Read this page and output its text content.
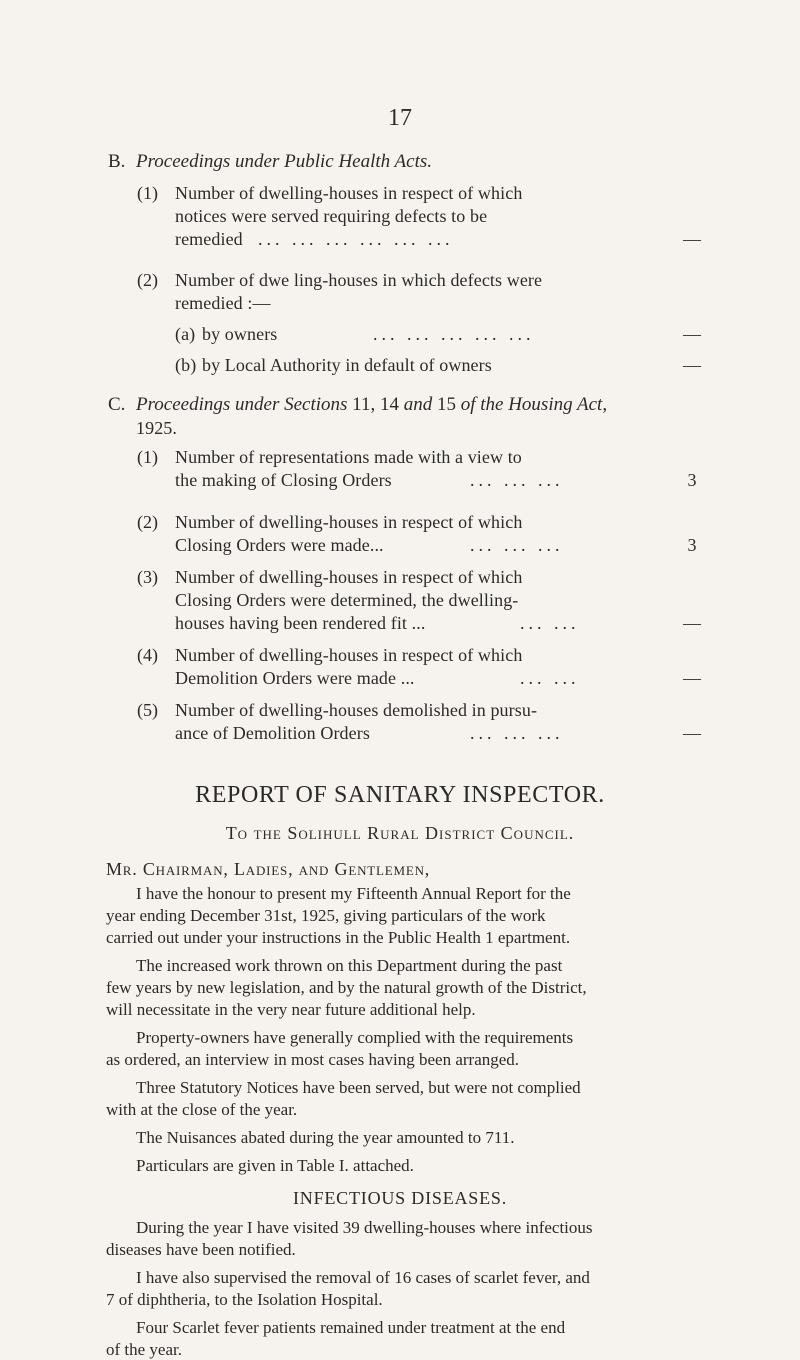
17
B. Proceedings under Public Health Acts.
(1) Number of dwelling-houses in respect of which
notices were served requiring defects to be
remedied ... ... ... ... ... ...	—
(2) Number of dwe ling-houses in which defects were
remedied :—
(a) by owners	... ... ... ... ...	—
(b) by Local Authority in default of owners	—
C. Proceedings under Sections 11, 14 and 15 of the Housing Act,
1925.
(1) Number of representations made with a view to
the making of Closing Orders	... ... ...	3
(2) Number of dwelling-houses in respect of which
Closing Orders were made...	... ... ...	3
(3) Number of dwelling-houses in respect of which
Closing Orders were determined, the dwelling-
houses having been rendered fit ...	... ...	—
(4) Number of dwelling-houses in respect of which
Demolition Orders were made ...	... ...	—
(5) Number of dwelling-houses demolished in pursu-
ance of Demolition Orders	... ... ...	—
REPORT OF SANITARY INSPECTOR.
To the Solihull Rural District Council.
Mr. Chairman, Ladies, and Gentlemen,
I have the honour to present my Fifteenth Annual Report for the
year ending December 31st, 1925, giving particulars of the work
carried out under your instructions in the Public Health 1 epartment.
The increased work thrown on this Department during the past
few years by new legislation, and by the natural growth of the District,
will necessitate in the very near future additional help.
Property-owners have generally complied with the requirements
as ordered, an interview in most cases having been arranged.
Three Statutory Notices have been served, but were not complied
with at the close of the year.
The Nuisances abated during the year amounted to 711.
Particulars are given in Table I. attached.
INFECTIOUS DISEASES.
During the year I have visited 39 dwelling-houses where infectious
diseases have been notified.
I have also supervised the removal of 16 cases of scarlet fever, and
7 of diphtheria, to the Isolation Hospital.
Four Scarlet fever patients remained under treatment at the end
of the year.
